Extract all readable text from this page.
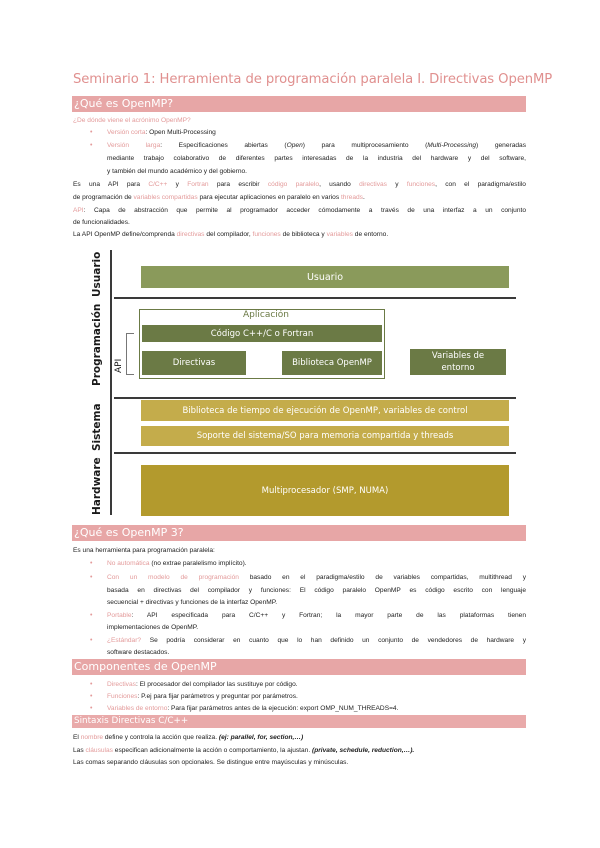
Seminario 1: Herramienta de programación paralela I. Directivas OpenMP
¿Qué es OpenMP?
¿De dónde viene el acrónimo OpenMP?
• Versión corta: Open Multi-Processing
• Versión larga: Especificaciones abiertas (Open) para multiprocesamiento (Multi-Processing) generadas
mediante trabajo colaborativo de diferentes partes interesadas de la industria del hardware y del software,
y también del mundo académico y del gobierno.
Es una API para C/C++ y Fortran para escribir código paralelo, usando directivas y funciones, con el paradigma/estilo
de programación de variables compartidas para ejecutar aplicaciones en paralelo en varios threads.
API: Capa de abstracción que permite al programador acceder cómodamente a través de una interfaz a un conjunto
de funcionalidades.
La API OpenMP define/comprenda directivas del compilador, funciones de biblioteca y variables de entorno.
Usuario
Programación API
Sistema
Hardware
Usuario
Aplicación
Código C++/C o Fortran
Directivas	Biblioteca OpenMP
Variables de entorno
Biblioteca de tiempo de ejecución de OpenMP, variables de control
Soporte del sistema/SO para memoria compartida y threads
Multiprocesador (SMP, NUMA)
¿Qué es OpenMP 3?
Es una herramienta para programación paralela:
• No automática (no extrae paralelismo implícito).
• Con un modelo de programación basado en el paradigma/estilo de variables compartidas, multithread y
basada en directivas del compilador y funciones: El código paralelo OpenMP es código escrito con lenguaje
secuencial + directivas y funciones de la interfaz OpenMP.
• Portable: API especificada para C/C++ y Fortran; la mayor parte de las plataformas tienen
implementaciones de OpenMP.
• ¿Estándar? Se podría considerar en cuanto que lo han definido un conjunto de vendedores de hardware y
software destacados.
Componentes de OpenMP
• Directivas: El procesador del compilador las sustituye por código.
• Funciones: P.ej para fijar parámetros y preguntar por parámetros.
• Variables de entorno: Para fijar parámetros antes de la ejecución: export OMP_NUM_THREADS=4.
Sintaxis Directivas C/C++
El nombre define y controla la acción que realiza. (ej: parallel, for, section,…)
Las cláusulas especifican adicionalmente la acción o comportamiento, la ajustan. (private, schedule, reduction,…).
Las comas separando cláusulas son opcionales. Se distingue entre mayúsculas y minúsculas.
